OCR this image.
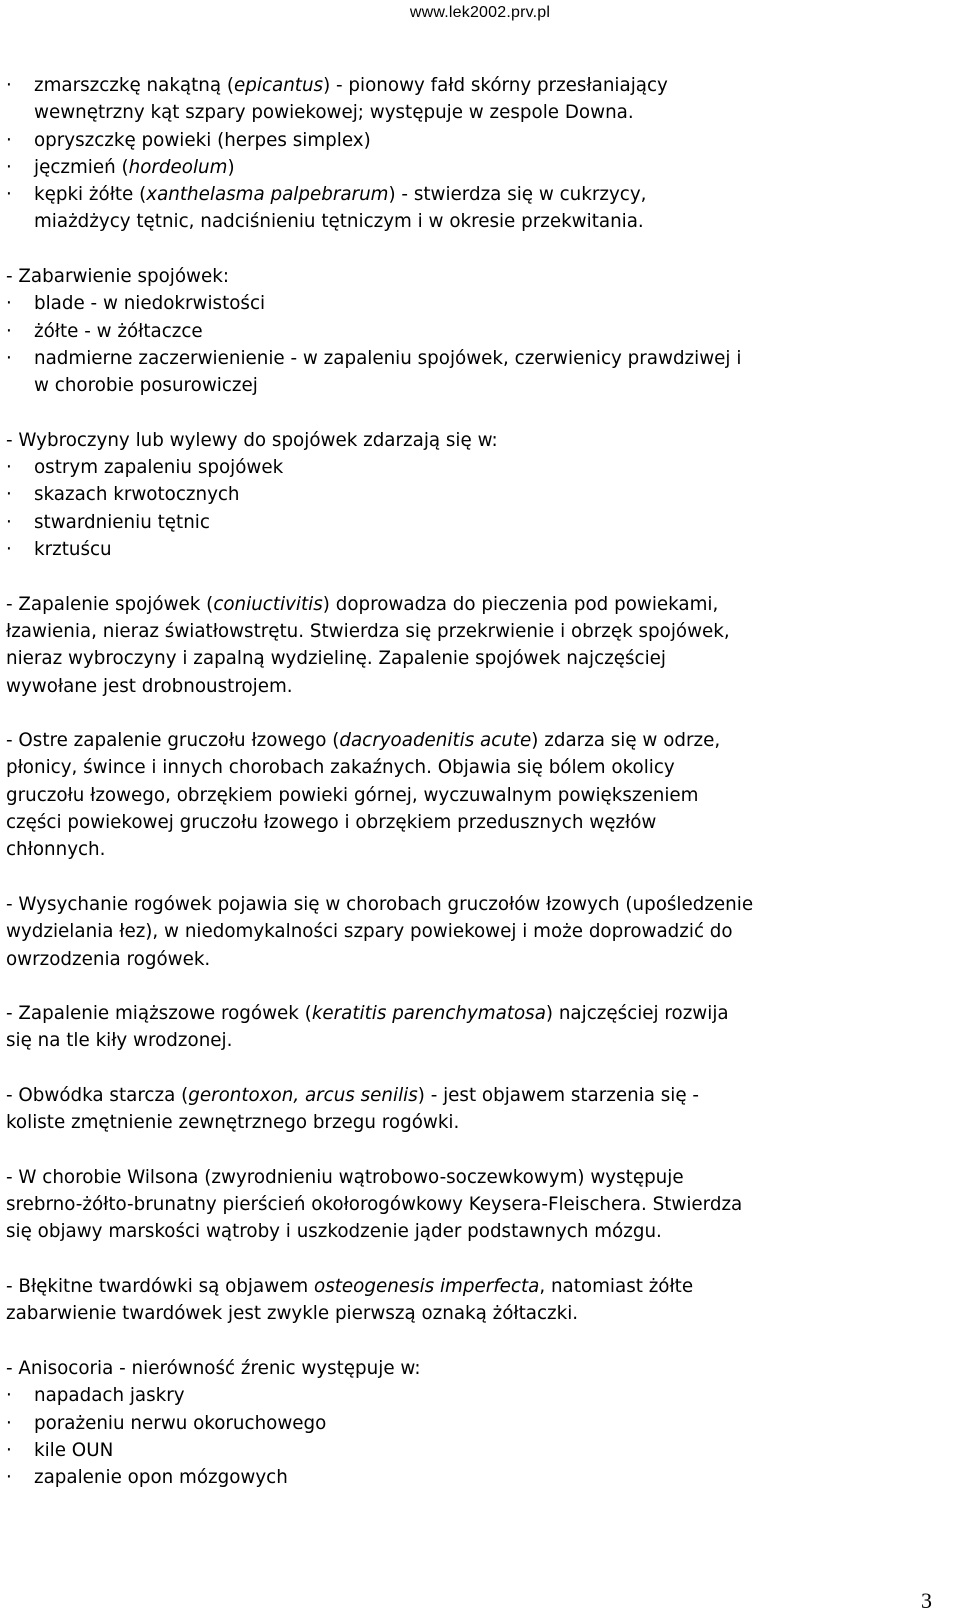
www.lek2002.prv.pl
· zmarszczkę nakątną (epicantus) - pionowy fałd skórny przesłaniający
wewnętrzny kąt szpary powiekowej; występuje w zespole Downa.
· opryszczkę powieki (herpes simplex)
· jęczmień (hordeolum)
· kępki żółte (xanthelasma palpebrarum) - stwierdza się w cukrzycy,
miażdżycy tętnic, nadciśnieniu tętniczym i w okresie przekwitania.
- Zabarwienie spojówek:
· blade - w niedokrwistości
· żółte - w żółtaczce
· nadmierne zaczerwienienie - w zapaleniu spojówek, czerwienicy prawdziwej i
w chorobie posurowiczej
- Wybroczyny lub wylewy do spojówek zdarzają się w:
· ostrym zapaleniu spojówek
· skazach krwotocznych
· stwardnieniu tętnic
· krztuścu
- Zapalenie spojówek (coniuctivitis) doprowadza do pieczenia pod powiekami,
łzawienia, nieraz światłowstrętu. Stwierdza się przekrwienie i obrzęk spojówek,
nieraz wybroczyny i zapalną wydzielinę. Zapalenie spojówek najczęściej
wywołane jest drobnoustrojem.
- Ostre zapalenie gruczołu łzowego (dacryoadenitis acute) zdarza się w odrze,
płonicy, śwince i innych chorobach zakaźnych. Objawia się bólem okolicy
gruczołu łzowego, obrzękiem powieki górnej, wyczuwalnym powiększeniem
części powiekowej gruczołu łzowego i obrzękiem przedusznych węzłów
chłonnych.
- Wysychanie rogówek pojawia się w chorobach gruczołów łzowych (upośledzenie
wydzielania łez), w niedomykalności szpary powiekowej i może doprowadzić do
owrzodzenia rogówek.
- Zapalenie miąższowe rogówek (keratitis parenchymatosa) najczęściej rozwija
się na tle kiły wrodzonej.
- Obwódka starcza (gerontoxon, arcus senilis) - jest objawem starzenia się -
koliste zmętnienie zewnętrznego brzegu rogówki.
- W chorobie Wilsona (zwyrodnieniu wątrobowo-soczewkowym) występuje
srebrno-żółto-brunatny pierścień okołorogówkowy Keysera-Fleischera. Stwierdza
się objawy marskości wątroby i uszkodzenie jąder podstawnych mózgu.
- Błękitne twardówki są objawem osteogenesis imperfecta, natomiast żółte
zabarwienie twardówek jest zwykle pierwszą oznaką żółtaczki.
- Anisocoria - nierówność źrenic występuje w:
· napadach jaskry
· porażeniu nerwu okoruchowego
· kile OUN
· zapalenie opon mózgowych
3
